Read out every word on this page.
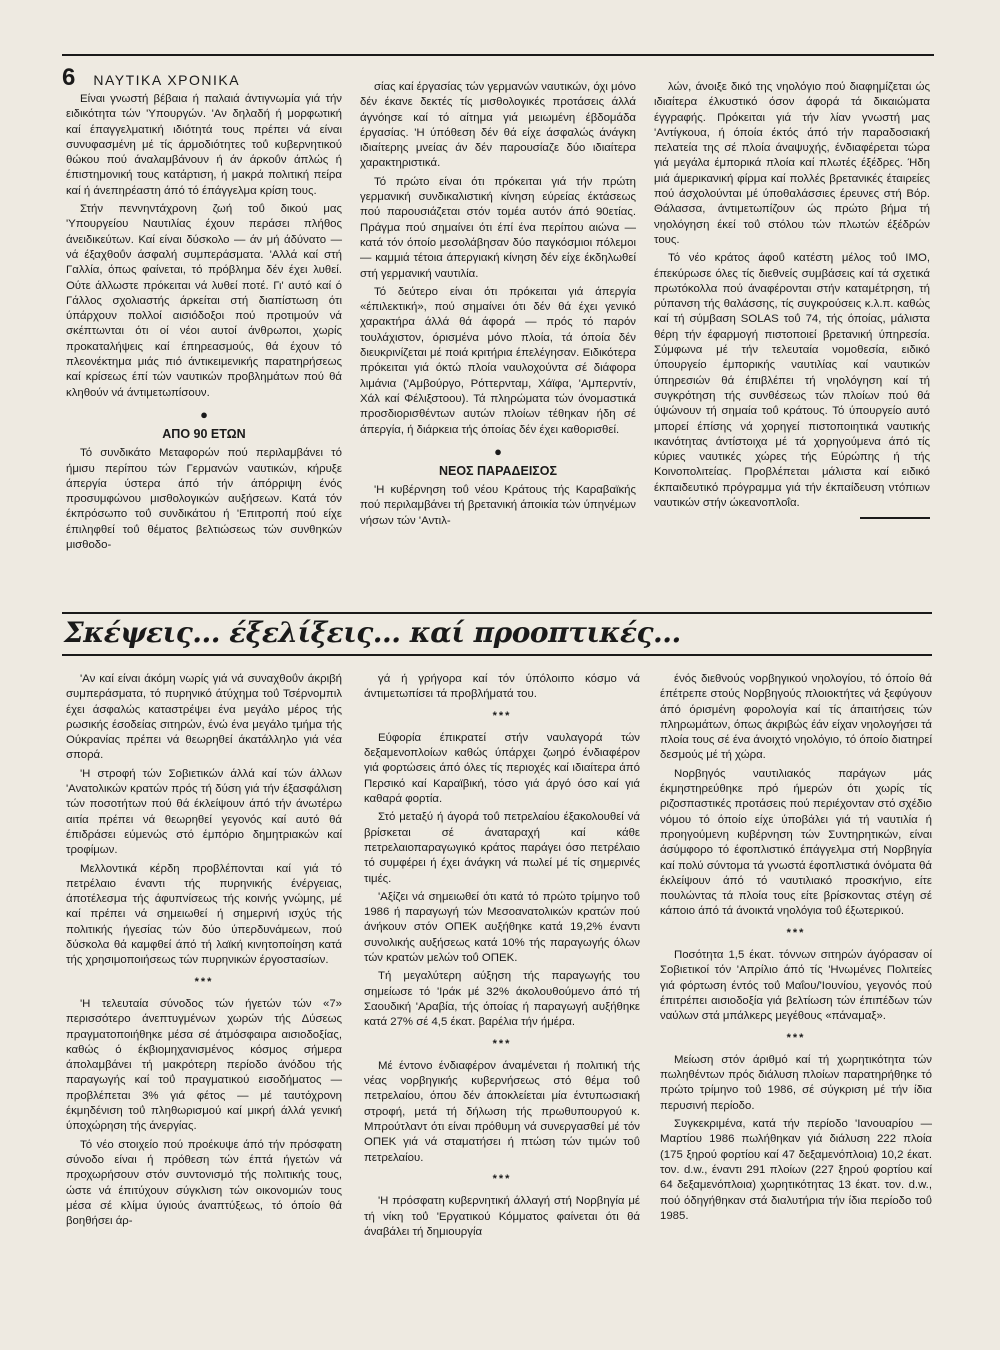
6 ΝΑΥΤΙΚΑ ΧΡΟΝΙΚΑ

Είναι γνωστή βέβαια ή παλαιά άντιγνωμία γιά τήν ειδικότητα τών 'Υπουργών. 'Αν δηλαδή ή μορφωτική καί έπαγγελματική ιδιότητά τους πρέπει νά είναι συνυφασμένη μέ τίς άρμοδιότητες τοΰ κυβερνητικού θώκου πού άναλαμβάνουν ή άν άρκοΰν άπλώς ή έπιστημονική τους κατάρτιση, ή μακρά πολιτική πείρα καί ή άνεπηρέαστη άπό τό έπάγγελμα κρίση τους.

Στήν πεννηντάχρονη ζωή τοΰ δικού μας 'Υπουργείου Ναυτιλίας έχουν περάσει πλήθος άνειδικεύτων. Καί είναι δύσκολο — άν μή άδύνατο — νά έξαχθοΰν άσφαλή συμπεράσματα. 'Αλλά καί στή Γαλλία, όπως φαίνεται, τό πρόβλημα δέν έχει λυθεί. Ούτε άλλωστε πρόκειται νά λυθεί ποτέ. Γι' αυτό καί ό Γάλλος σχολιαστής άρκείται στή διαπίστωση ότι ύπάρχουν πολλοί αισιόδοξοι πού προτιμούν νά σκέπτωνται ότι οί νέοι αυτοί άνθρωποι, χωρίς προκαταλήψεις καί έπηρεασμούς, θά έχουν τό πλεονέκτημα μιάς πιό άντικειμενικής παρατηρήσεως καί κρίσεως έπί τών ναυτικών προβλημάτων πού θά κληθούν νά άντιμετωπίσουν.

●
ΑΠΟ 90 ΕΤΩΝ

Τό συνδικάτο Μεταφορών πού περιλαμβάνει τό ήμισυ περίπου τών Γερμανών ναυτικών, κήρυξε άπεργία ύστερα άπό τήν άπόρριψη ένός προσυμφώνου μισθολογικών αυξήσεων. Κατά τόν έκπρόσωπο τοΰ συνδικάτου ή 'Επιτροπή πού είχε έπιληφθεί τοΰ θέματος βελτιώσεως τών συνθηκών μισθοδο-

σίας καί έργασίας τών γερμανών ναυτικών, όχι μόνο δέν έκανε δεκτές τίς μισθολογικές προτάσεις άλλά άγνόησε καί τό αίτημα γιά μειωμένη έβδομάδα έργασίας. 'Η ύπόθεση δέν θά είχε άσφαλώς άνάγκη ιδιαίτερης μνείας άν δέν παρουσίαζε δύο ιδιαίτερα χαρακτηριστικά.

Τό πρώτο είναι ότι πρόκειται γιά τήν πρώτη γερμανική συνδικαλιστική κίνηση εύρείας έκτάσεως πού παρουσιάζεται στόν τομέα αυτόν άπό 90ετίας. Πράγμα πού σημαίνει ότι έπί ένα περίπου αιώνα — κατά τόν όποίο μεσολάβησαν δύο παγκόσμιοι πόλεμοι — καμμιά τέτοια άπεργιακή κίνηση δέν είχε έκδηλωθεί στή γερμανική ναυτιλία.

Τό δεύτερο είναι ότι πρόκειται γιά άπεργία «έπιλεκτική», πού σημαίνει ότι δέν θά έχει γενικό χαρακτήρα άλλά θά άφορά — πρός τό παρόν τουλάχιστον, όρισμένα μόνο πλοία, τά όποία δέν διευκρινίζεται μέ ποιά κριτήρια έπελέγησαν. Ειδικότερα πρόκειται γιά όκτώ πλοία ναυλοχούντα σέ διάφορα λιμάνια ('Αμβούργο, Ρόττερνταμ, Χάϊφα, 'Αμπερντίν, Χάλ καί Φέλιξστοου). Τά πληρώματα τών όνομαστικά προσδιορισθέντων αυτών πλοίων τέθηκαν ήδη σέ άπεργία, ή διάρκεια τής όποίας δέν έχει καθορισθεί.

●
ΝΕΟΣ ΠΑΡΑΔΕΙΣΟΣ

'Η κυβέρνηση τοΰ νέου Κράτους τής Καραβαϊκής πού περιλαμβάνει τή βρετανική άποικία τών ύπηνέμων νήσων τών 'Αντιλ-

λών, άνοιξε δικό της νηολόγιο πού διαφημίζεται ώς ιδιαίτερα έλκυστικό όσον άφορά τά δικαιώματα έγγραφής. Πρόκειται γιά τήν λίαν γνωστή μας 'Αντίγκουα, ή όποία έκτός άπό τήν παραδοσιακή πελατεία της σέ πλοία άναψυχής, ένδιαφέρεται τώρα γιά μεγάλα έμπορικά πλοία καί πλωτές έξέδρες. Ήδη μιά άμερικανική φίρμα καί πολλές βρετανικές έταιρείες πού άσχολούνται μέ ύποθαλάσσιες έρευνες στή Βόρ. Θάλασσα, άντιμετωπίζουν ώς πρώτο βήμα τή νηολόγηση έκεί τοΰ στόλου τών πλωτών έξέδρών τους.

Τό νέο κράτος άφοΰ κατέστη μέλος τοΰ ΙΜΟ, έπεκύρωσε όλες τίς διεθνείς συμβάσεις καί τά σχετικά πρωτόκολλα πού άναφέρονται στήν καταμέτρηση, τή ρύπανση τής θαλάσσης, τίς συγκρούσεις κ.λ.π. καθώς καί τή σύμβαση SOLAS τοΰ 74, τής όποίας, μάλιστα θέρη τήν έφαρμογή πιστοποιεί βρετανική ύπηρεσία. Σύμφωνα μέ τήν τελευταία νομοθεσία, ειδικό ύπουργείο έμπορικής ναυτιλίας καί ναυτικών ύπηρεσιών θά έπιβλέπει τή νηολόγηση καί τή συγκρότηση τής συνθέσεως τών πλοίων πού θά ύψώνουν τή σημαία τοΰ κράτους. Τό ύπουργείο αυτό μπορεί έπίσης νά χορηγεί πιστοποιητικά ναυτικής ικανότητας άντίστοιχα μέ τά χορηγούμενα άπό τίς κύριες ναυτικές χώρες τής Εύρώπης ή τής Κοινοπολιτείας. Προβλέπεται μάλιστα καί ειδικό έκπαιδευτικό πρόγραμμα γιά τήν έκπαίδευση ντόπιων ναυτικών στήν ώκεανοπλοΐα.

Σκέψεις... έξελίξεις... καί προοπτικές...

'Αν καί είναι άκόμη νωρίς γιά νά συναχθοΰν άκριβή συμπεράσματα, τό πυρηνικό άτύχημα τοΰ Τσέρνομπιλ έχει άσφαλώς καταστρέψει ένα μεγάλο μέρος τής ρωσικής έσοδείας σιτηρών, ένώ ένα μεγάλο τμήμα τής Ούκρανίας πρέπει νά θεωρηθεί άκατάλληλο γιά νέα σπορά.

'Η στροφή τών Σοβιετικών άλλά καί τών άλλων 'Ανατολικών κρατών πρός τή δύση γιά τήν έξασφάλιση τών ποσοτήτων πού θά έκλείψουν άπό τήν άνωτέρω αιτία πρέπει νά θεωρηθεί γεγονός καί αυτό θά έπιδράσει εύμενώς στό έμπόριο δημητριακών καί τροφίμων.

Μελλοντικά κέρδη προβλέπονται καί γιά τό πετρέλαιο έναντι τής πυρηνικής ένέργειας, άποτέλεσμα τής άφυπνίσεως τής κοινής γνώμης, μέ καί πρέπει νά σημειωθεί ή σημερινή ισχύς τής πολιτικής ήγεσίας τών δύο ύπερδυνάμεων, πού δύσκολα θά καμφθεί άπό τή λαϊκή κινητοποίηση κατά τής χρησιμοποιήσεως τών πυρηνικών έργοστασίων.

***

'Η τελευταία σύνοδος τών ήγετών τών «7» περισσότερο άνεπτυγμένων χωρών τής Δύσεως πραγματοποιήθηκε μέσα σέ άτμόσφαιρα αισιοδοξίας, καθώς ό έκβιομηχανισμένος κόσμος σήμερα άπολαμβάνει τή μακρότερη περίοδο άνόδου τής παραγωγής καί τοΰ πραγματικού εισοδήματος — προβλέπεται 3% γιά φέτος — μέ ταυτόχρονη έκμηδένιση τοΰ πληθωρισμού καί μικρή άλλά γενική ύποχώρηση τής άνεργίας.

Τό νέο στοιχείο πού προέκυψε άπό τήν πρόσφατη σύνοδο είναι ή πρόθεση τών έπτά ήγετών νά προχωρήσουν στόν συντονισμό τής πολιτικής τους, ώστε νά έπιτύχουν σύγκλιση τών οικονομιών τους μέσα σέ κλίμα ύγιούς άναπτύξεως, τό όποίο θά βοηθήσει άρ-

γά ή γρήγορα καί τόν ύπόλοιπο κόσμο νά άντιμετωπίσει τά προβλήματά του.

***

Εύφορία έπικρατεί στήν ναυλαγορά τών δεξαμενοπλοίων καθώς ύπάρχει ζωηρό ένδιαφέρον γιά φορτώσεις άπό όλες τίς περιοχές καί ιδιαίτερα άπό Περσικό καί Καραϊβική, τόσο γιά άργό όσο καί γιά καθαρά φορτία.

Στό μεταξύ ή άγορά τοΰ πετρελαίου έξακολουθεί νά βρίσκεται σέ άναταραχή καί κάθε πετρελαιοπαραγωγικό κράτος παράγει όσο πετρέλαιο τό συμφέρει ή έχει άνάγκη νά πωλεί μέ τίς σημερινές τιμές.

'Αξίζει νά σημειωθεί ότι κατά τό πρώτο τρίμηνο τοΰ 1986 ή παραγωγή τών Μεσοανατολικών κρατών πού άνήκουν στόν ΟΠΕΚ αυξήθηκε κατά 19,2% έναντι συνολικής αυξήσεως κατά 10% τής παραγωγής όλων τών κρατών μελών τοΰ ΟΠΕΚ.

Τή μεγαλύτερη αύξηση τής παραγωγής του σημείωσε τό 'Ιράκ μέ 32% άκολουθούμενο άπό τή Σαουδική 'Αραβία, τής όποίας ή παραγωγή αυξήθηκε κατά 27% σέ 4,5 έκατ. βαρέλια τήν ήμέρα.

***

Μέ έντονο ένδιαφέρον άναμένεται ή πολιτική τής νέας νορβηγικής κυβερνήσεως στό θέμα τοΰ πετρελαίου, όπου δέν άποκλείεται μία έντυπωσιακή στροφή, μετά τή δήλωση τής πρωθυπουργού κ. Μπρούτλαντ ότι είναι πρόθυμη νά συνεργασθεί μέ τόν ΟΠΕΚ γιά νά σταματήσει ή πτώση τών τιμών τοΰ πετρελαίου.

***

'Η πρόσφατη κυβερνητική άλλαγή στή Νορβηγία μέ τή νίκη τοΰ 'Εργατικού Κόμματος φαίνεται ότι θά άναβάλει τή δημιουργία

ένός διεθνούς νορβηγικού νηολογίου, τό όποίο θά έπέτρεπε στούς Νορβηγούς πλοιοκτήτες νά ξεφύγουν άπό όρισμένη φορολογία καί τίς άπαιτήσεις τών πληρωμάτων, όπως άκριβώς έάν είχαν νηολογήσει τά πλοία τους σέ ένα άνοιχτό νηολόγιο, τό όποίο διατηρεί δεσμούς μέ τή χώρα.

Νορβηγός ναυτιλιακός παράγων μάς έκμηστηρεύθηκε πρό ήμερών ότι χωρίς τίς ριζοσπαστικές προτάσεις πού περιέχονταν στό σχέδιο νόμου τό όποίο είχε ύποβάλει γιά τή ναυτιλία ή προηγούμενη κυβέρνηση τών Συντηρητικών, είναι άσύμφορο τό έφοπλιστικό έπάγγελμα στή Νορβηγία καί πολύ σύντομα τά γνωστά έφοπλιστικά όνόματα θά έκλείψουν άπό τό ναυτιλιακό προσκήνιο, είτε πουλώντας τά πλοία τους είτε βρίσκοντας στέγη σέ κάποιο άπό τά άνοικτά νηολόγια τοΰ έξωτερικού.

***

Ποσότητα 1,5 έκατ. τόννων σιτηρών άγόρασαν οί Σοβιετικοί τόν 'Απρίλιο άπό τίς 'Ηνωμένες Πολιτείες γιά φόρτωση έντός τοΰ Μαΐου/'Ιουνίου, γεγονός πού έπιτρέπει αισιοδοξία γιά βελτίωση τών έπιπέδων τών ναύλων στά μπάλκερς μεγέθους «πάναμαξ».

***

Μείωση στόν άριθμό καί τή χωρητικότητα τών πωληθέντων πρός διάλυση πλοίων παρατηρήθηκε τό πρώτο τρίμηνο τοΰ 1986, σέ σύγκριση μέ τήν ίδια περυσινή περίοδο.

Συγκεκριμένα, κατά τήν περίοδο 'Ιανουαρίου — Μαρτίου 1986 πωλήθηκαν γιά διάλυση 222 πλοία (175 ξηρού φορτίου καί 47 δεξαμενόπλοια) 10,2 έκατ. τον. d.w., έναντι 291 πλοίων (227 ξηρού φορτίου καί 64 δεξαμενόπλοια) χωρητικότητας 13 έκατ. τον. d.w., πού όδηγήθηκαν στά διαλυτήρια τήν ίδια περίοδο τοΰ 1985.
